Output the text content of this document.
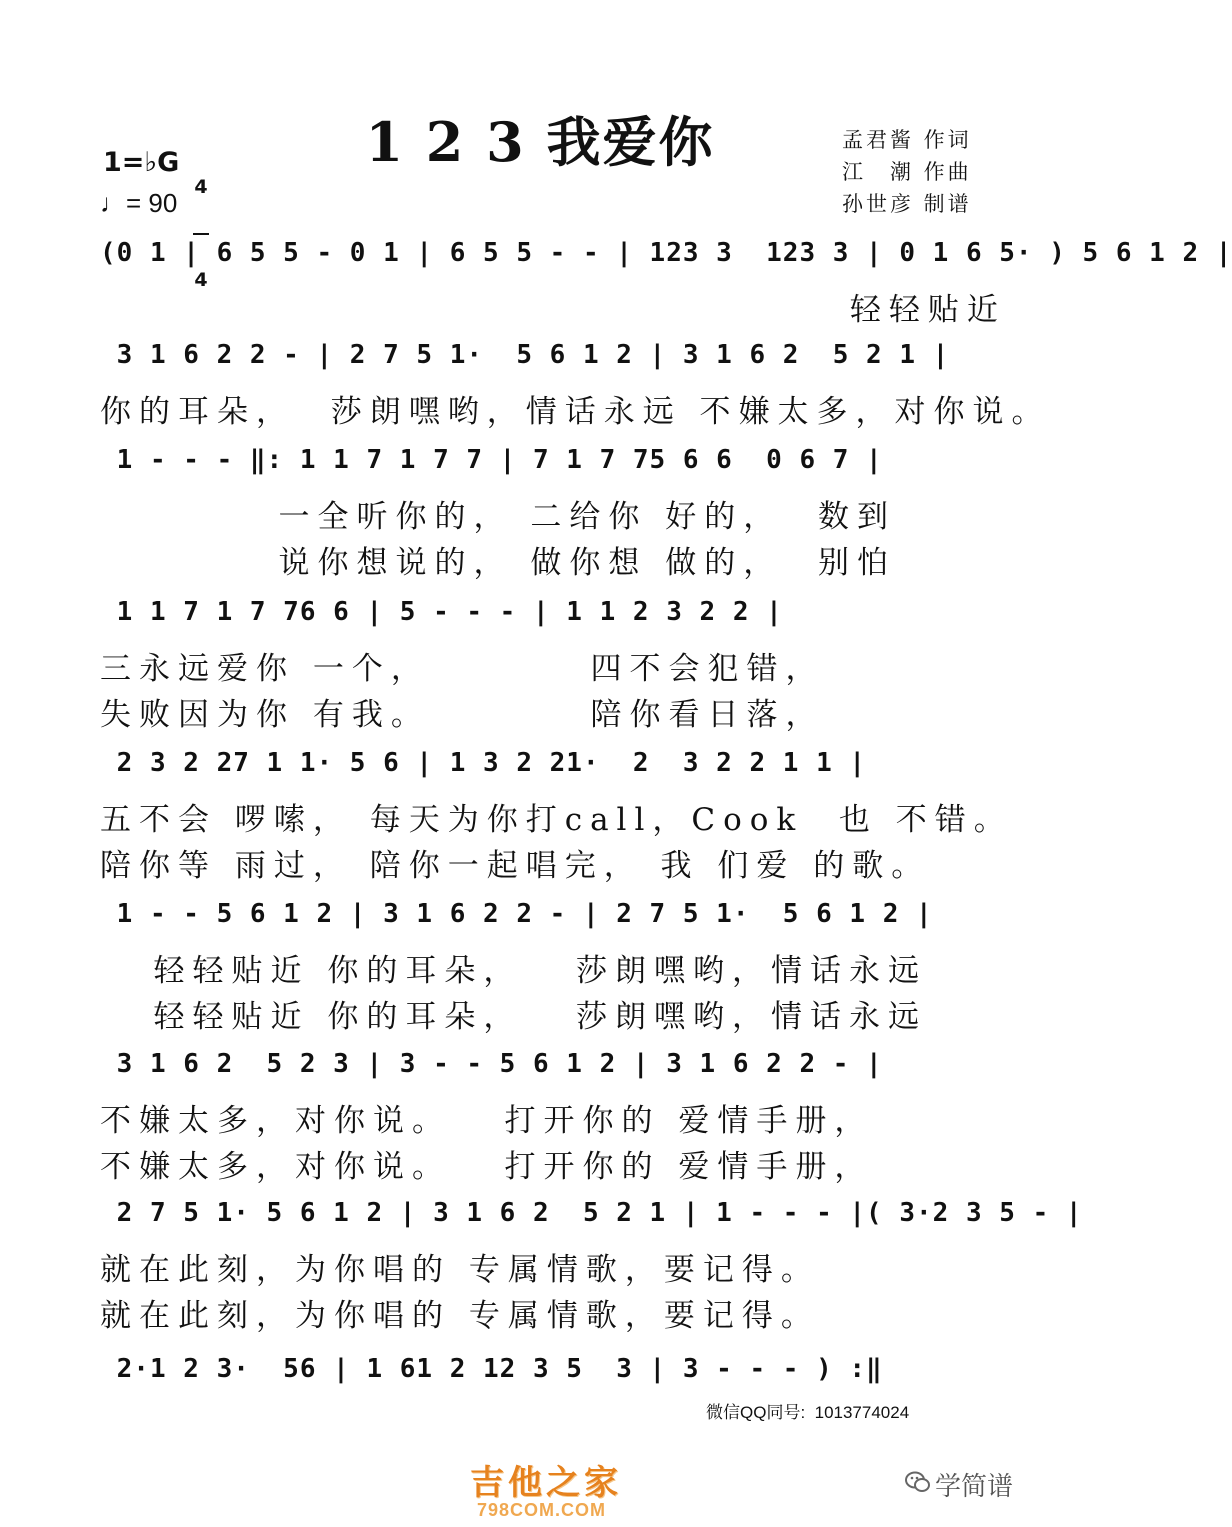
1 2 3 我爱你	孟君酱 作词
江　潮 作曲
孙世彦 制谱
1=♭G

4

4

♩= 90
(0 1 | 6 5 5 - 0 1 | 6 5 5 - - | 123 3  123 3 | 0 1 6 5· ) 5 6 1 2 |
轻轻贴近
3 1 6 2 2 - | 2 7 5 1·  5 6 1 2 | 3 1 6 2  5 2 1 |
你的耳朵，  莎朗嘿哟，情话永远 不嫌太多，对你说。
1 - - - ‖: 1 1 7 1 7 7 | 7 1 7 75 6 6  0 6 7 |
一全听你的， 二给你 好的，  数到
说你想说的， 做你想 做的，  别怕
1 1 7 1 7 76 6 | 5 - - - | 1 1 2 3 2 2 |
三永远爱你 一个，         四不会犯错，
失败因为你 有我。         陪你看日落，
2 3 2 27 1 1· 5 6 | 1 3 2 21·  2  3 2 2 1 1 |
五不会 啰嗦， 每天为你打call，Cook  也 不错。
陪你等 雨过， 陪你一起唱完， 我 们爱 的歌。
1 - - 5 6 1 2 | 3 1 6 2 2 - | 2 7 5 1·  5 6 1 2 |
轻轻贴近 你的耳朵，   莎朗嘿哟，情话永远
轻轻贴近 你的耳朵，   莎朗嘿哟，情话永远
3 1 6 2  5 2 3 | 3 - - 5 6 1 2 | 3 1 6 2 2 - |
不嫌太多，对你说。   打开你的 爱情手册，
不嫌太多，对你说。   打开你的 爱情手册，
2 7 5 1· 5 6 1 2 | 3 1 6 2  5 2 1 | 1 - - - |( 3·2 3 5 - |
就在此刻，为你唱的 专属情歌，要记得。
就在此刻，为你唱的 专属情歌，要记得。
2·1 2 3·  56 | 1 61 2 12 3 5  3 | 3 - - - ) :‖
微信QQ同号:  1013774024
吉他之家
798COM.COM
学简谱
